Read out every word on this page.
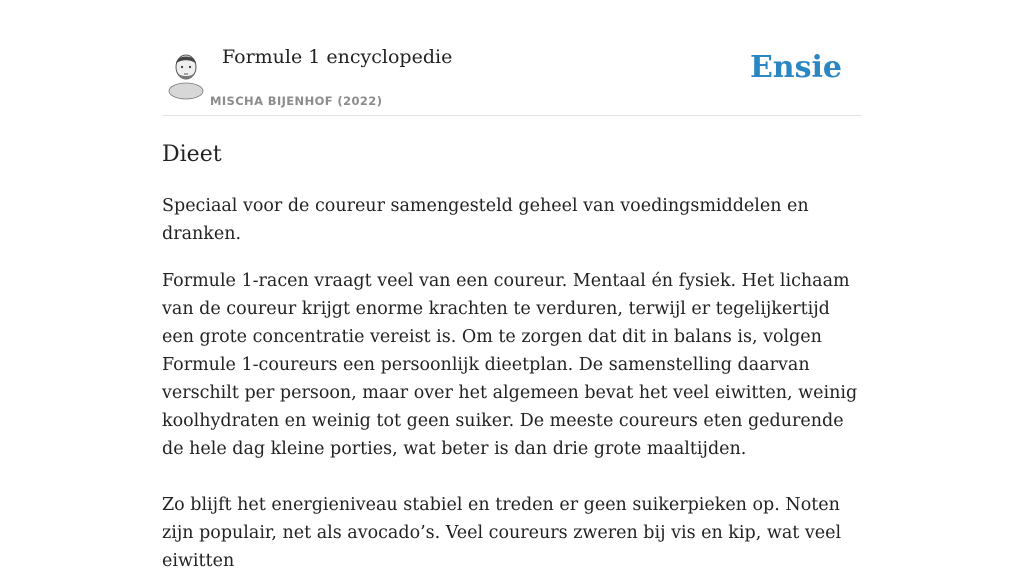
Formule 1 encyclopedie
MISCHA BIJENHOF (2022)
Ensie
Dieet

Speciaal voor de coureur samengesteld geheel van voedingsmiddelen en dranken.

Formule 1-racen vraagt veel van een coureur. Mentaal én fysiek. Het lichaam van de coureur krijgt enorme krachten te verduren, terwijl er tegelijkertijd een grote concentratie vereist is. Om te zorgen dat dit in balans is, volgen Formule 1-coureurs een persoonlijk dieetplan. De samenstelling daarvan verschilt per persoon, maar over het algemeen bevat het veel eiwitten, weinig koolhydraten en weinig tot geen suiker. De meeste coureurs eten gedurende de hele dag kleine porties, wat beter is dan drie grote maaltijden.

Zo blijft het energieniveau stabiel en treden er geen suikerpieken op. Noten zijn populair, net als avocado’s. Veel coureurs zweren bij vis en kip, wat veel eiwitten
